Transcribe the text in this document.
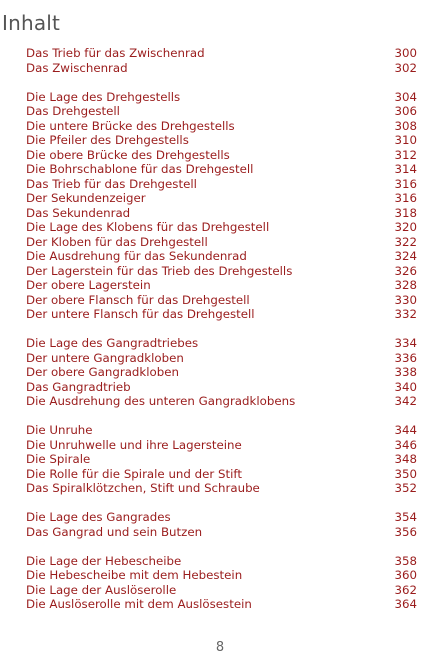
Inhalt
Das Trieb für das Zwischenrad	300
Das Zwischenrad	302
Die Lage des Drehgestells	304
Das Drehgestell	306
Die untere Brücke des Drehgestells	308
Die Pfeiler des Drehgestells	310
Die obere Brücke des Drehgestells	312
Die Bohrschablone für das Drehgestell	314
Das Trieb für das Drehgestell	316
Der Sekundenzeiger	316
Das Sekundenrad	318
Die Lage des Klobens für das Drehgestell	320
Der Kloben für das Drehgestell	322
Die Ausdrehung für das Sekundenrad	324
Der Lagerstein für das Trieb des Drehgestells	326
Der obere Lagerstein	328
Der obere Flansch für das Drehgestell	330
Der untere Flansch für das Drehgestell	332
Die Lage des Gangradtriebes	334
Der untere Gangradkloben	336
Der obere Gangradkloben	338
Das Gangradtrieb	340
Die Ausdrehung des unteren Gangradklobens	342
Die Unruhe	344
Die Unruhwelle und ihre Lagersteine	346
Die Spirale	348
Die Rolle für die Spirale und der Stift	350
Das Spiralklötzchen, Stift und Schraube	352
Die Lage des Gangrades	354
Das Gangrad und sein Butzen	356
Die Lage der Hebescheibe	358
Die Hebescheibe mit dem Hebestein	360
Die Lage der Auslöserolle	362
Die Auslöserolle mit dem Auslösestein	364
8
